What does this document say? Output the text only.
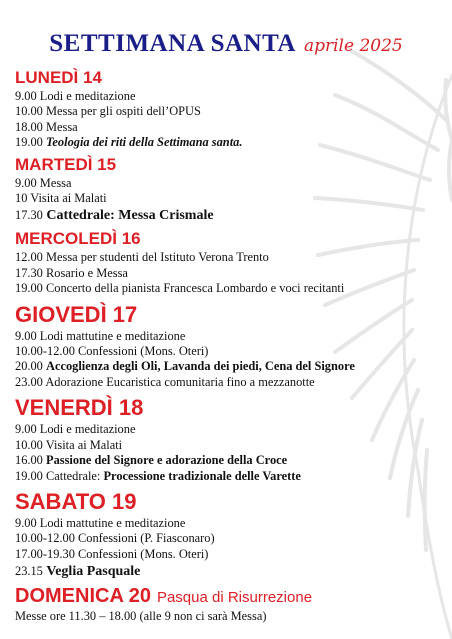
SETTIMANA SANTA aprile 2025
LUNEDÌ 14
9.00 Lodi e meditazione
10.00 Messa per gli ospiti dell’OPUS
18.00 Messa
19.00 Teologia dei riti della Settimana santa.
MARTEDÌ 15
9.00 Messa
10 Visita ai Malati
17.30 Cattedrale: Messa Crismale
MERCOLEDÌ 16
12.00 Messa per studenti del Istituto Verona Trento
17.30 Rosario e Messa
19.00 Concerto della pianista Francesca Lombardo e voci recitanti
GIOVEDÌ 17
9.00 Lodi mattutine e meditazione
10.00-12.00 Confessioni (Mons. Oteri)
20.00 Accoglienza degli Oli, Lavanda dei piedi, Cena del Signore
23.00 Adorazione Eucaristica comunitaria fino a mezzanotte
VENERDÌ 18
9.00 Lodi e meditazione
10.00 Visita ai Malati
16.00 Passione del Signore e adorazione della Croce
19.00 Cattedrale: Processione tradizionale delle Varette
SABATO 19
9.00 Lodi mattutine e meditazione
10.00-12.00 Confessioni (P. Fiasconaro)
17.00-19.30 Confessioni (Mons. Oteri)
23.15 Veglia Pasquale
DOMENICA 20 Pasqua di Risurrezione
Messe ore 11.30 – 18.00 (alle 9 non ci sarà Messa)
